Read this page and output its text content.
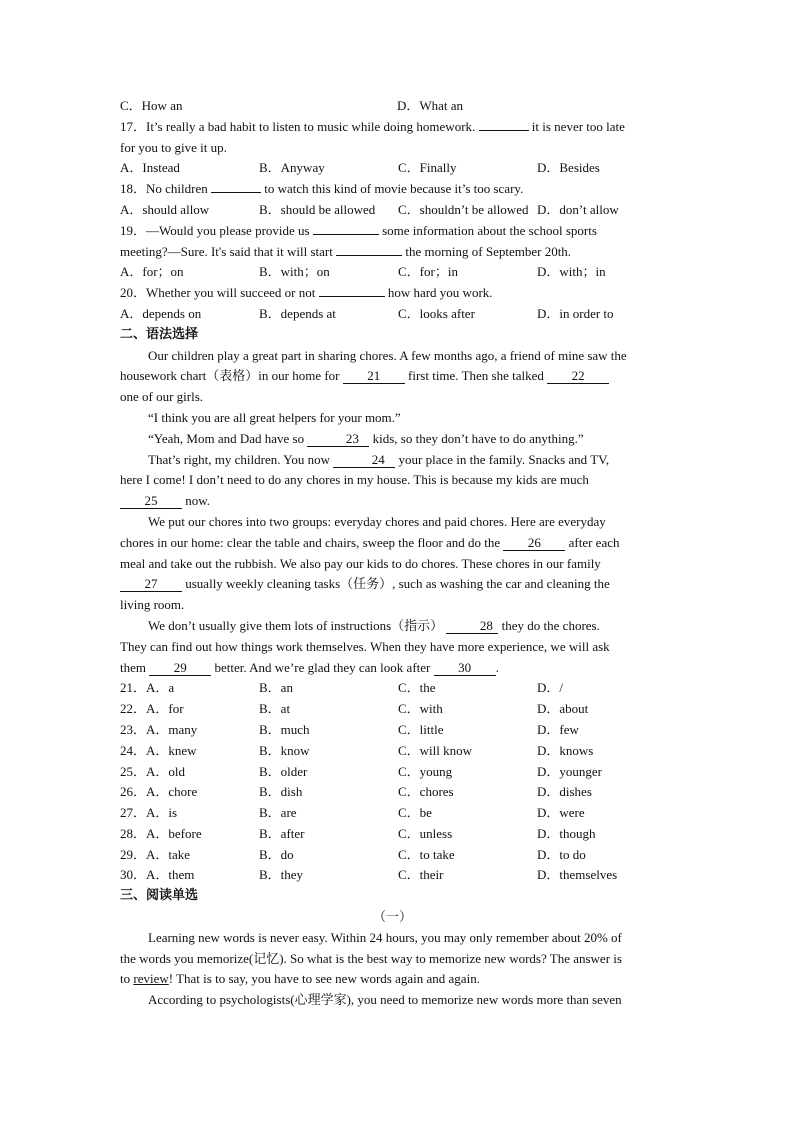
C．How an	D．What an
17．It’s really a bad habit to listen to music while doing homework.	it is never too late
for you to give it up.
A．Instead	B．Anyway	C．Finally	D．Besides
18．No children	to watch this kind of movie because it’s too scary.
A．should allow	B．should be allowed C．shouldn’t be allowed D．don’t allow
19．—Would you please provide us	some information about the school sports
meeting?—Sure. It's said that it will start	the morning of September 20th.
A．for；on	B．with；on	C．for；in	D．with；in
20．Whether you will succeed or not	how hard you work.
A．depends on	B．depends at	C．looks after	D．in order to
二、语法选择
Our children play a great part in sharing chores. A few months ago, a friend of mine saw the
housework chart（表格）in our home for 21 first time. Then she talked 22
one of our girls.
“I think you are all great helpers for your mom.”
“Yeah, Mom and Dad have so	23 kids, so they don’t have to do anything.”
That’s right, my children. You now	24 your place in the family. Snacks and TV,
here I come! I don’t need to do any chores in my house. This is because my kids are much
25 now.
We put our chores into two groups: everyday chores and paid chores. Here are everyday
chores in our home: clear the table and chairs, sweep the floor and do the 26 after each
meal and take out the rubbish. We also pay our kids to do chores. These chores in our family
27 usually weekly cleaning tasks（任务）, such as washing the car and cleaning the
living room.
We don’t usually give them lots of instructions（指示）	28 they do the chores.
They can find out how things work themselves. When they have more experience, we will ask
them 29 better. And we’re glad they can look after 30 .
21．A．a	B．an	C．the	D．/
22．A．for	B．at	C．with	D．about
23．A．many	B．much	C．little	D．few
24．A．knew	B．know	C．will know	D．knows
25．A．old	B．older	C．young	D．younger
26．A．chore	B．dish	C．chores	D．dishes
27．A．is	B．are	C．be	D．were
28．A．before	B．after	C．unless	D．though
29．A．take	B．do	C．to take	D．to do
30．A．them	B．they	C．their	D．themselves
三、阅读单选
（一）
Learning new words is never easy. Within 24 hours, you may only remember about 20% of
the words you memorize(记忆). So what is the best way to memorize new words? The answer is
to review! That is to say, you have to see new words again and again.
According to psychologists(心理学家), you need to memorize new words more than seven
